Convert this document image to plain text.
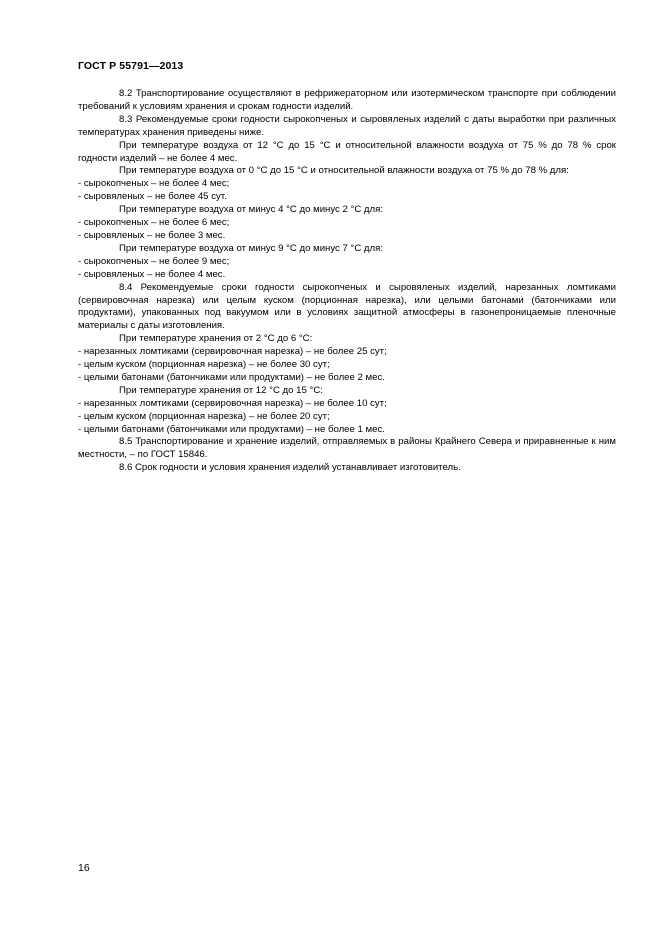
ГОСТ Р 55791—2013

8.2 Транспортирование осуществляют в рефрижераторном или изотермическом транспорте при соблюдении требований к условиям хранения и срокам годности изделий.

8.3 Рекомендуемые сроки годности сырокопченых и сыровяленых изделий с даты выработки при различных температурах хранения приведены ниже.

При температуре воздуха от 12 °С до 15 °С и относительной влажности воздуха от 75 % до 78 % срок годности изделий – не более 4 мес.

При температуре воздуха от 0 °С до 15 °С и относительной влажности воздуха от 75 % до 78 % для:

- сырокопченых – не более 4 мес;

- сыровяленых – не более 45 сут.

При температуре воздуха от минус 4 °С до минус 2 °С для:

- сырокопченых – не более 6 мес;

- сыровяленых – не более 3 мес.

При температуре воздуха от минус 9 °С до минус 7 °С для:

- сырокопченых – не более 9 мес;

- сыровяленых – не более 4 мес.

8.4 Рекомендуемые сроки годности сырокопченых и сыровяленых изделий, нарезанных ломтиками (сервировочная нарезка) или целым куском (порционная нарезка), или целыми батонами (батончиками или продуктами), упакованных под вакуумом или в условиях защитной атмосферы в газонепроницаемые пленочные материалы с даты изготовления.

При температуре хранения от 2 °С до 6 °С:

- нарезанных ломтиками (сервировочная нарезка) – не более 25 сут;

- целым куском (порционная нарезка) – не более 30 сут;

- целыми батонами (батончиками или продуктами) – не более 2 мес.

При температуре хранения от 12 °С до 15 °С:

- нарезанных ломтиками (сервировочная нарезка) – не более 10 сут;

- целым куском (порционная нарезка) – не более 20 сут;

- целыми батонами (батончиками или продуктами) – не более 1 мес.

8.5 Транспортирование и хранение изделий, отправляемых в районы Крайнего Севера и приравненные к ним местности, – по ГОСТ 15846.

8.6 Срок годности и условия хранения изделий устанавливает изготовитель.

16
